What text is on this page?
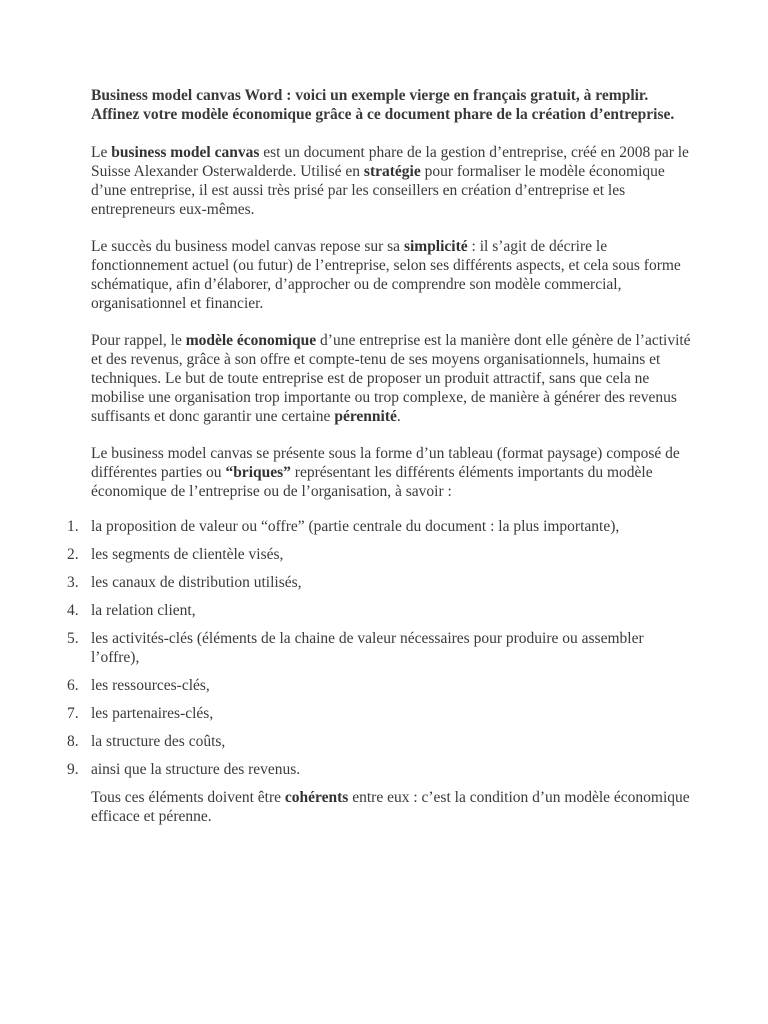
Business model canvas Word : voici un exemple vierge en français gratuit, à remplir. Affinez votre modèle économique grâce à ce document phare de la création d’entreprise.

Le business model canvas est un document phare de la gestion d’entreprise, créé en 2008 par le Suisse Alexander Osterwalderde. Utilisé en stratégie pour formaliser le modèle économique d’une entreprise, il est aussi très prisé par les conseillers en création d’entreprise et les entrepreneurs eux-mêmes.

Le succès du business model canvas repose sur sa simplicité : il s’agit de décrire le fonctionnement actuel (ou futur) de l’entreprise, selon ses différents aspects, et cela sous forme schématique, afin d’élaborer, d’approcher ou de comprendre son modèle commercial, organisationnel et financier.

Pour rappel, le modèle économique d’une entreprise est la manière dont elle génère de l’activité et des revenus, grâce à son offre et compte-tenu de ses moyens organisationnels, humains et techniques. Le but de toute entreprise est de proposer un produit attractif, sans que cela ne mobilise une organisation trop importante ou trop complexe, de manière à générer des revenus suffisants et donc garantir une certaine pérennité.

Le business model canvas se présente sous la forme d’un tableau (format paysage) composé de différentes parties ou “briques” représentant les différents éléments importants du modèle économique de l’entreprise ou de l’organisation, à savoir :

1. la proposition de valeur ou “offre” (partie centrale du document : la plus importante),
2. les segments de clientèle visés,
3. les canaux de distribution utilisés,
4. la relation client,
5. les activités-clés (éléments de la chaine de valeur nécessaires pour produire ou assembler l’offre),
6. les ressources-clés,
7. les partenaires-clés,
8. la structure des coûts,
9. ainsi que la structure des revenus.

Tous ces éléments doivent être cohérents entre eux : c’est la condition d’un modèle économique efficace et pérenne.
